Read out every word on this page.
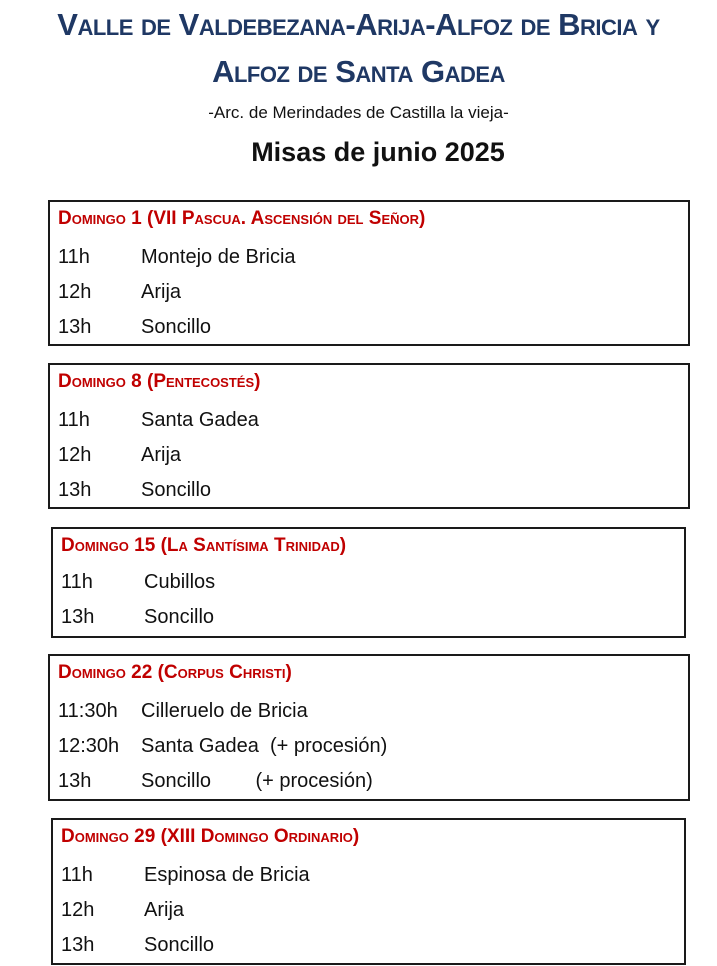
Valle de Valdebezana-Arija-Alfoz de Bricia y
Alfoz de Santa Gadea
-Arc. de Merindades de Castilla la vieja-
Misas de junio 2025
Domingo 1 (VII Pascua. Ascensión del Señor)
11h	Montejo de Bricia
12h Arija
13h Soncillo
Domingo 8 (Pentecostés)
11h	Santa Gadea
12h Arija
13h Soncillo
Domingo 15 (La Santísima Trinidad)
11h	Cubillos
13h Soncillo
Domingo 22 (Corpus Christi)
11:30h Cilleruelo de Bricia
12:30h Santa Gadea  (+ procesión)
13h Soncillo        (+ procesión)
Domingo 29 (XIII Domingo Ordinario)
11h	Espinosa de Bricia
12h Arija
13h Soncillo
